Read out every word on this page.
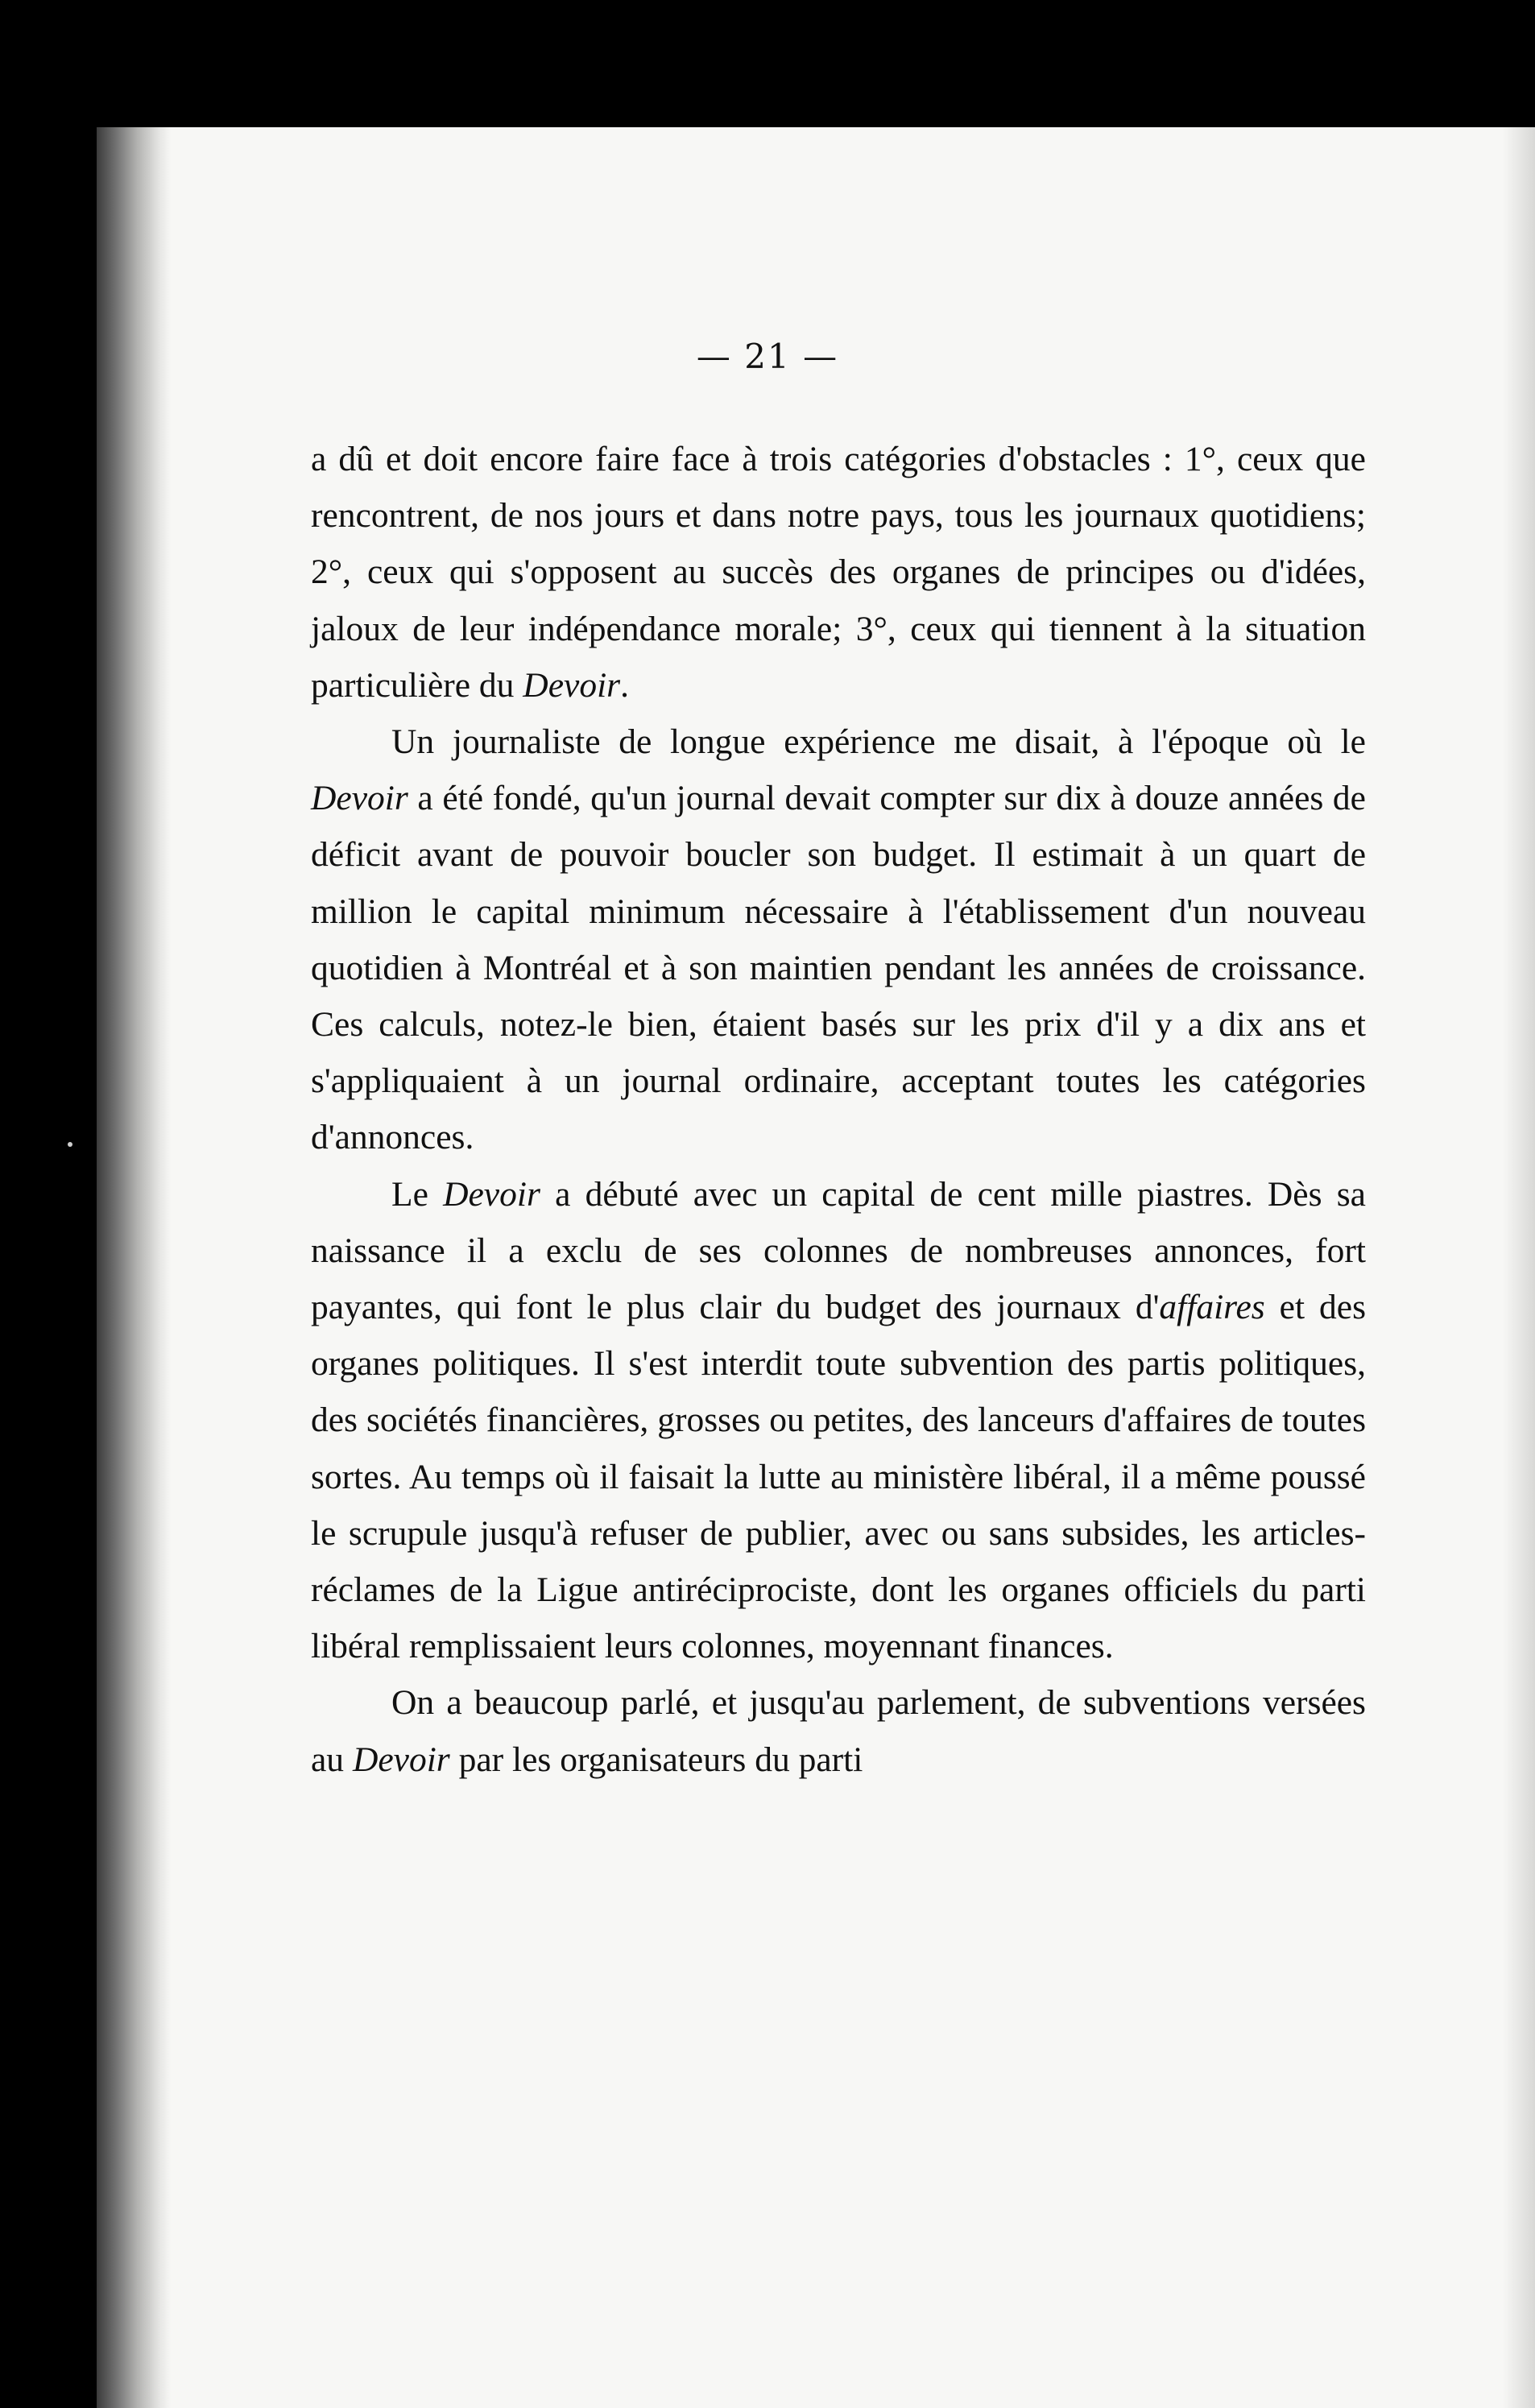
— 21 —

a dû et doit encore faire face à trois catégories d'obstacles : 1°, ceux que rencontrent, de nos jours et dans notre pays, tous les journaux quotidiens; 2°, ceux qui s'opposent au succès des organes de principes ou d'idées, jaloux de leur indépendance morale; 3°, ceux qui tiennent à la situation particulière du Devoir.

Un journaliste de longue expérience me disait, à l'époque où le Devoir a été fondé, qu'un journal devait compter sur dix à douze années de déficit avant de pouvoir boucler son budget. Il estimait à un quart de million le capital minimum nécessaire à l'établissement d'un nouveau quotidien à Montréal et à son maintien pendant les années de croissance. Ces calculs, notez-le bien, étaient basés sur les prix d'il y a dix ans et s'appliquaient à un journal ordinaire, acceptant toutes les catégories d'annonces.

Le Devoir a débuté avec un capital de cent mille piastres. Dès sa naissance il a exclu de ses colonnes de nombreuses annonces, fort payantes, qui font le plus clair du budget des journaux d'affaires et des organes politiques. Il s'est interdit toute subvention des partis politiques, des sociétés financières, grosses ou petites, des lanceurs d'affaires de toutes sortes. Au temps où il faisait la lutte au ministère libéral, il a même poussé le scrupule jusqu'à refuser de publier, avec ou sans subsides, les articles-réclames de la Ligue antiréciprociste, dont les organes officiels du parti libéral remplissaient leurs colonnes, moyennant finances.

On a beaucoup parlé, et jusqu'au parlement, de subventions versées au Devoir par les organisateurs du parti
